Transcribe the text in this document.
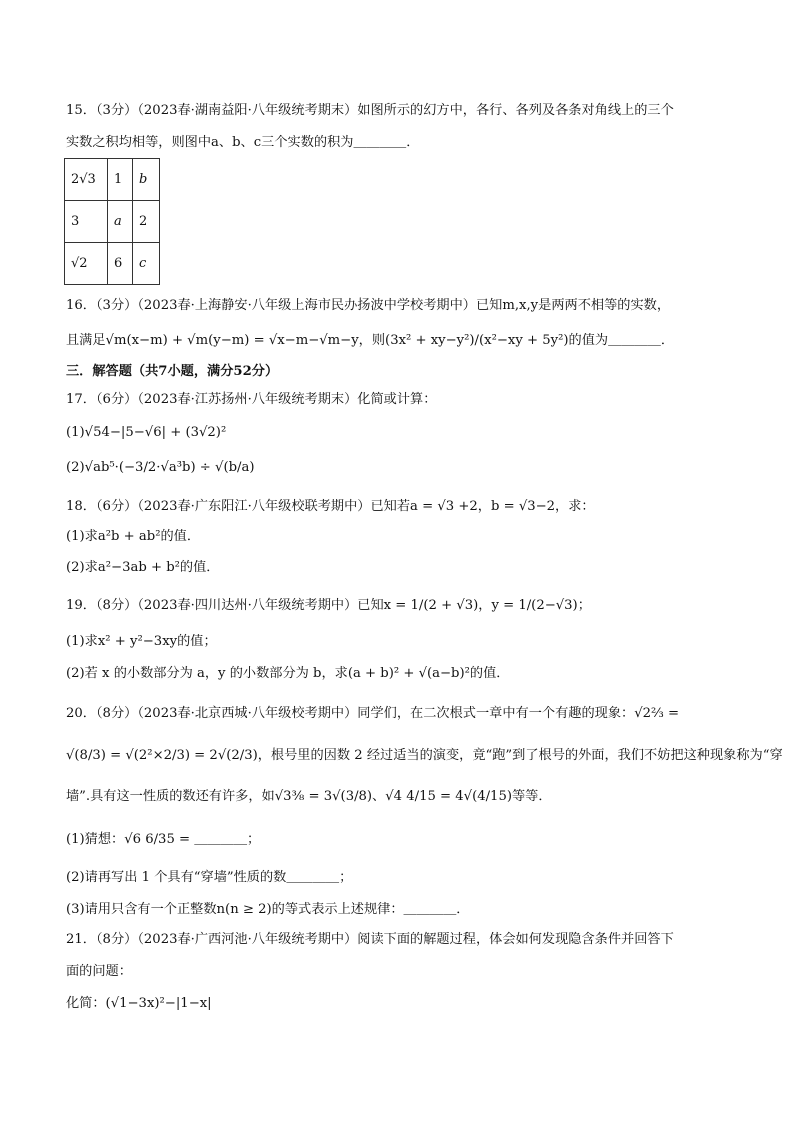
15．（3分）（2023春·湖南益阳·八年级统考期末）如图所示的幻方中，各行、各列及各条对角线上的三个
实数之积均相等，则图中a、b、c三个实数的积为＿＿＿＿．
2√3	1	b
3	a	2
√2	6	c
16．（3分）（2023春·上海静安·八年级上海市民办扬波中学校考期中）已知m,x,y是两两不相等的实数，
且满足√m(x−m) + √m(y−m) = √x−m−√m−y，则(3x² + xy−y²)/(x²−xy + 5y²)的值为＿＿＿＿．
三．解答题（共7小题，满分52分）
17．（6分）（2023春·江苏扬州·八年级统考期末）化简或计算：
(1)√54−|5−√6| + (3√2)²
(2)√ab⁵·(−3/2·√a³b) ÷ √(b/a)
18．（6分）（2023春·广东阳江·八年级校联考期中）已知若a = √3 +2，b = √3−2，求：
(1)求a²b + ab²的值．
(2)求a²−3ab + b²的值．
19．（8分）（2023春·四川达州·八年级统考期中）已知x = 1/(2 + √3)，y = 1/(2−√3)；
(1)求x² + y²−3xy的值；
(2)若 x 的小数部分为 a，y 的小数部分为 b，求(a + b)² + √(a−b)²的值．
20．（8分）（2023春·北京西城·八年级校考期中）同学们，在二次根式一章中有一个有趣的现象：√2⅔ =
√(8/3) = √(2²×2/3) = 2√(2/3)，根号里的因数 2 经过适当的演变，竟“跑”到了根号的外面，我们不妨把这种现象称为“穿
墙”.具有这一性质的数还有许多，如√3⅜ = 3√(3/8)、√4 4/15 = 4√(4/15)等等．
(1)猜想：√6 6/35 = ＿＿＿＿；
(2)请再写出 1 个具有“穿墙”性质的数＿＿＿＿；
(3)请用只含有一个正整数n(n ≥ 2)的等式表示上述规律：＿＿＿＿．
21．（8分）（2023春·广西河池·八年级统考期中）阅读下面的解题过程，体会如何发现隐含条件并回答下
面的问题：
化简：(√1−3x)²−|1−x|
